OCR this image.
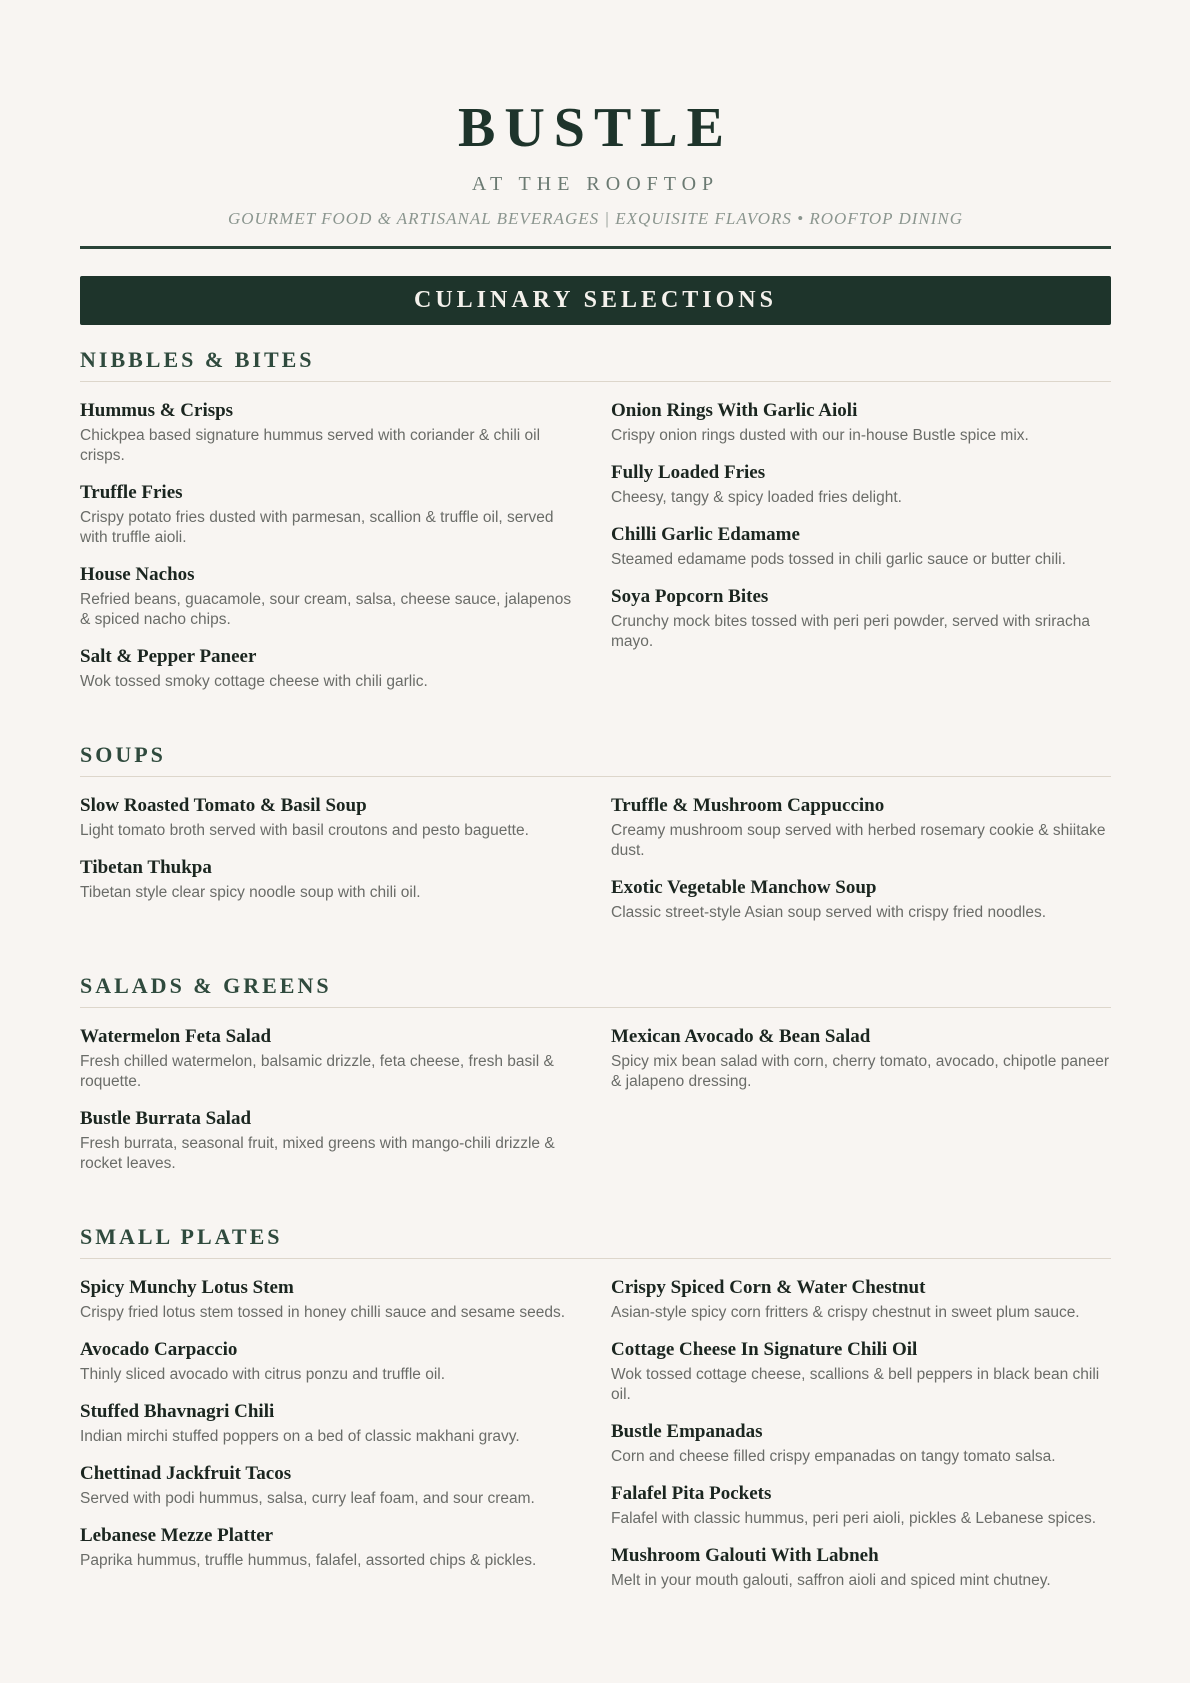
BUSTLE
AT THE ROOFTOP
GOURMET FOOD & ARTISANAL BEVERAGES | EXQUISITE FLAVORS • ROOFTOP DINING
CULINARY SELECTIONS
NIBBLES & BITES
Hummus & Crisps
Chickpea based signature hummus served with coriander & chili oil crisps.
Truffle Fries
Crispy potato fries dusted with parmesan, scallion & truffle oil, served with truffle aioli.
House Nachos
Refried beans, guacamole, sour cream, salsa, cheese sauce, jalapenos & spiced nacho chips.
Salt & Pepper Paneer
Wok tossed smoky cottage cheese with chili garlic.
Onion Rings With Garlic Aioli
Crispy onion rings dusted with our in-house Bustle spice mix.
Fully Loaded Fries
Cheesy, tangy & spicy loaded fries delight.
Chilli Garlic Edamame
Steamed edamame pods tossed in chili garlic sauce or butter chili.
Soya Popcorn Bites
Crunchy mock bites tossed with peri peri powder, served with sriracha mayo.
SOUPS
Slow Roasted Tomato & Basil Soup
Light tomato broth served with basil croutons and pesto baguette.
Tibetan Thukpa
Tibetan style clear spicy noodle soup with chili oil.
Truffle & Mushroom Cappuccino
Creamy mushroom soup served with herbed rosemary cookie & shiitake dust.
Exotic Vegetable Manchow Soup
Classic street-style Asian soup served with crispy fried noodles.
SALADS & GREENS
Watermelon Feta Salad
Fresh chilled watermelon, balsamic drizzle, feta cheese, fresh basil & roquette.
Bustle Burrata Salad
Fresh burrata, seasonal fruit, mixed greens with mango-chili drizzle & rocket leaves.
Mexican Avocado & Bean Salad
Spicy mix bean salad with corn, cherry tomato, avocado, chipotle paneer & jalapeno dressing.
SMALL PLATES
Spicy Munchy Lotus Stem
Crispy fried lotus stem tossed in honey chilli sauce and sesame seeds.
Avocado Carpaccio
Thinly sliced avocado with citrus ponzu and truffle oil.
Stuffed Bhavnagri Chili
Indian mirchi stuffed poppers on a bed of classic makhani gravy.
Chettinad Jackfruit Tacos
Served with podi hummus, salsa, curry leaf foam, and sour cream.
Lebanese Mezze Platter
Paprika hummus, truffle hummus, falafel, assorted chips & pickles.
Crispy Spiced Corn & Water Chestnut
Asian-style spicy corn fritters & crispy chestnut in sweet plum sauce.
Cottage Cheese In Signature Chili Oil
Wok tossed cottage cheese, scallions & bell peppers in black bean chili oil.
Bustle Empanadas
Corn and cheese filled crispy empanadas on tangy tomato salsa.
Falafel Pita Pockets
Falafel with classic hummus, peri peri aioli, pickles & Lebanese spices.
Mushroom Galouti With Labneh
Melt in your mouth galouti, saffron aioli and spiced mint chutney.
